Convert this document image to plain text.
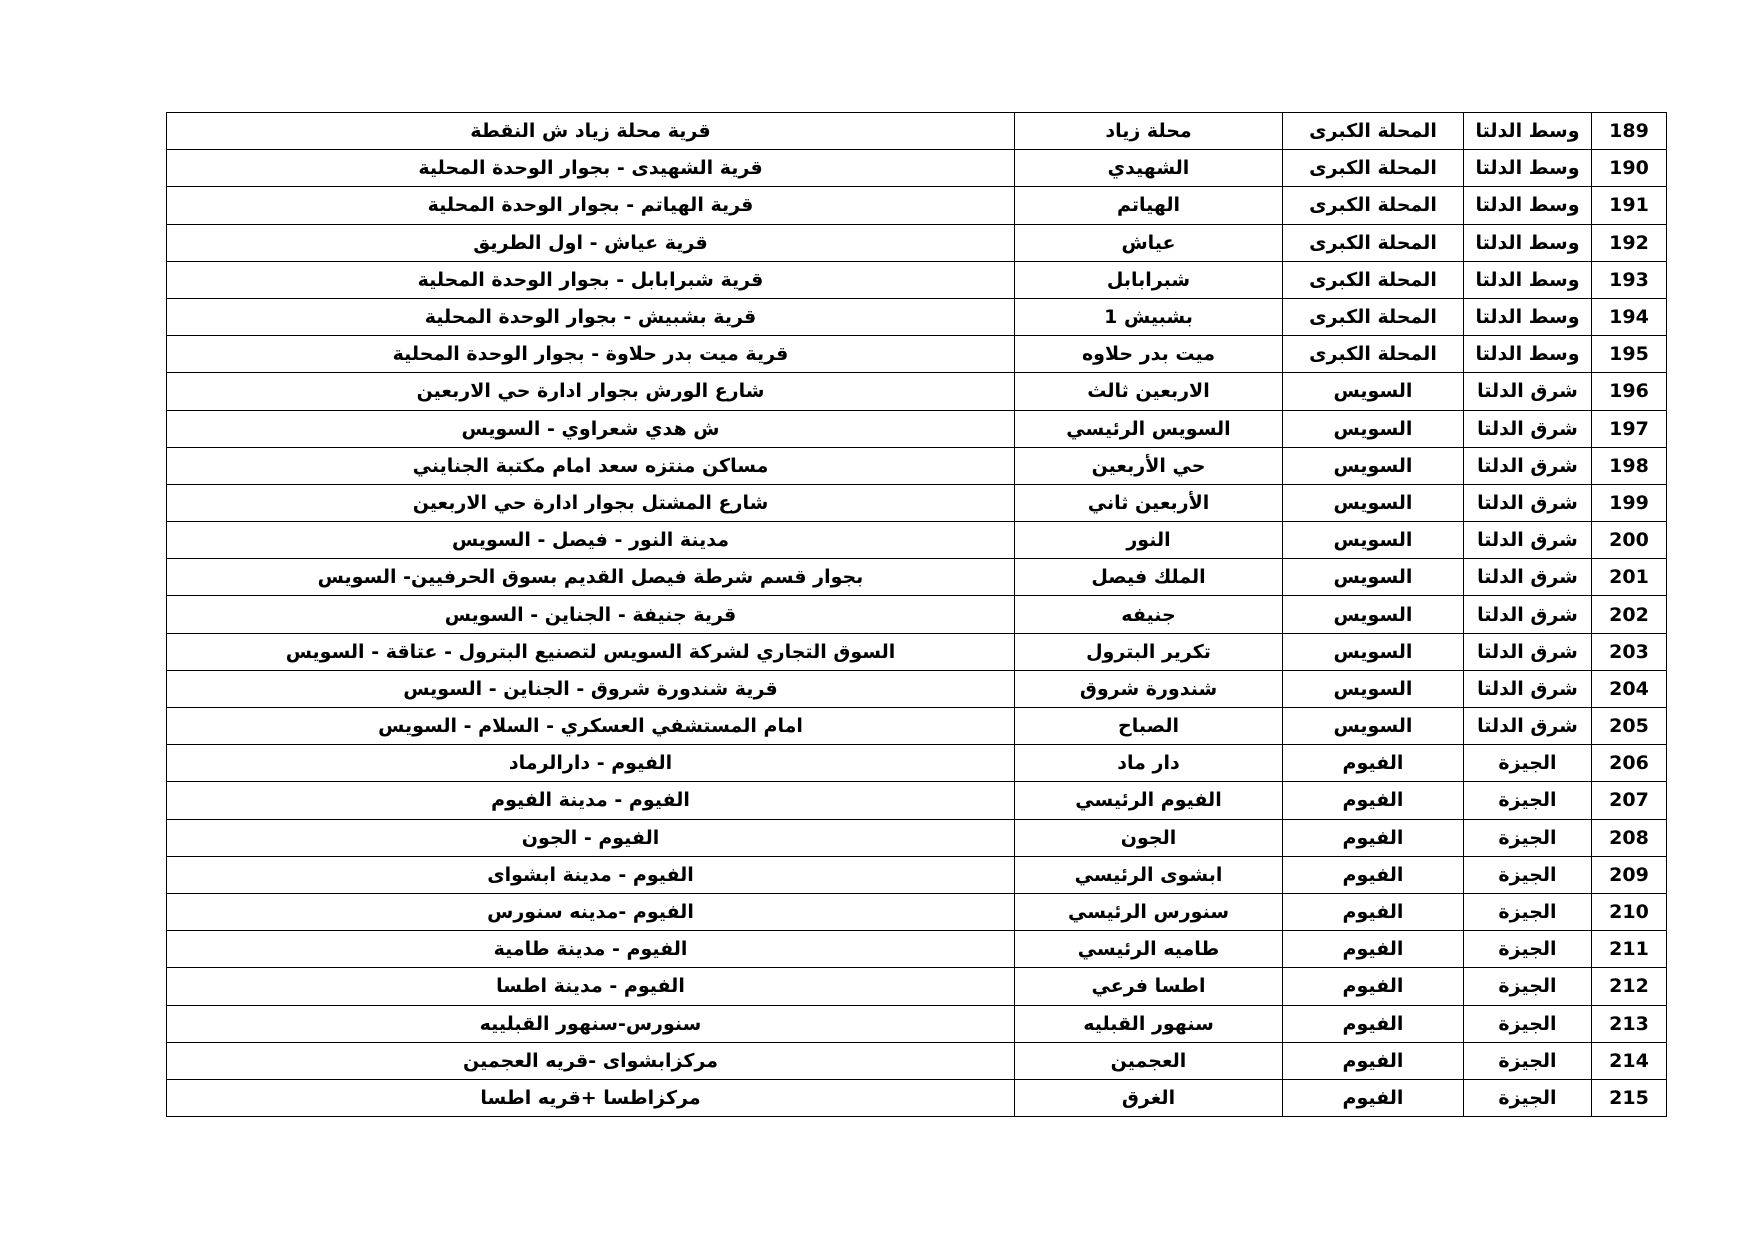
189	وسط الدلتا	المحلة الكبرى	محلة زياد	قرية محلة زياد ش النقطة
190	وسط الدلتا	المحلة الكبرى	الشهيدي	قرية الشهيدى - بجوار الوحدة المحلية
191	وسط الدلتا	المحلة الكبرى	الهياتم	قرية الهياتم - بجوار الوحدة المحلية
192	وسط الدلتا	المحلة الكبرى	عياش	قرية عياش - اول الطريق
193	وسط الدلتا	المحلة الكبرى	شبرابابل	قرية شبرابابل - بجوار الوحدة المحلية
194	وسط الدلتا	المحلة الكبرى	بشبيش 1	قرية بشبيش - بجوار الوحدة المحلية
195	وسط الدلتا	المحلة الكبرى	ميت بدر حلاوه	قرية ميت بدر حلاوة - بجوار الوحدة المحلية
196	شرق الدلتا	السويس	الاربعين ثالث	شارع الورش بجوار ادارة حي الاربعين
197	شرق الدلتا	السويس	السويس الرئيسي	ش هدي شعراوي - السويس
198	شرق الدلتا	السويس	حي الأربعين	مساكن منتزه سعد امام مكتبة الجنايني
199	شرق الدلتا	السويس	الأربعين ثاني	شارع المشتل بجوار ادارة حي الاربعين
200	شرق الدلتا	السويس	النور	مدينة النور - فيصل - السويس
201	شرق الدلتا	السويس	الملك فيصل	بجوار قسم شرطة فيصل القديم بسوق الحرفيين- السويس
202	شرق الدلتا	السويس	جنيفه	قرية جنيفة - الجناين - السويس
203	شرق الدلتا	السويس	تكرير البترول	السوق التجاري لشركة السويس لتصنيع البترول - عتاقة - السويس
204	شرق الدلتا	السويس	شندورة شروق	قرية شندورة شروق - الجناين - السويس
205	شرق الدلتا	السويس	الصباح	امام المستشفي العسكري - السلام - السويس
206	الجيزة	الفيوم	دار ماد	الفيوم - دارالرماد
207	الجيزة	الفيوم	الفيوم الرئيسي	الفيوم - مدينة الفيوم
208	الجيزة	الفيوم	الجون	الفيوم - الجون
209	الجيزة	الفيوم	ابشوى الرئيسي	الفيوم - مدينة ابشواى
210	الجيزة	الفيوم	سنورس الرئيسي	الفيوم -مدينه سنورس
211	الجيزة	الفيوم	طاميه الرئيسي	الفيوم - مدينة طامية
212	الجيزة	الفيوم	اطسا فرعي	الفيوم - مدينة اطسا
213	الجيزة	الفيوم	سنهور القبليه	سنورس-سنهور القبلييه
214	الجيزة	الفيوم	العجمين	مركزابشواى -قريه العجمين
215	الجيزة	الفيوم	الغرق	مركزاطسا +قريه اطسا
